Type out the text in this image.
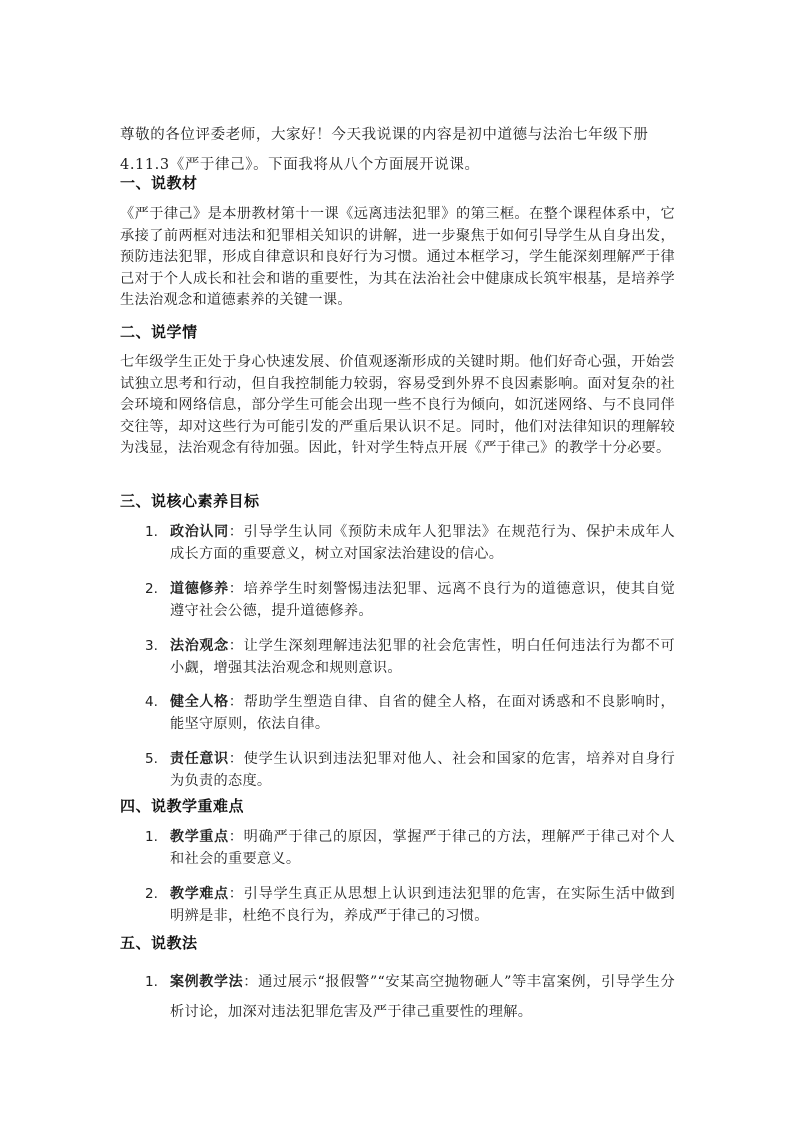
尊敬的各位评委老师，大家好！今天我说课的内容是初中道德与法治七年级下册
4.11.3《严于律己》。下面我将从八个方面展开说课。
一、说教材
《严于律己》是本册教材第十一课《远离违法犯罪》的第三框。在整个课程体系中，它承接了前两框对违法和犯罪相关知识的讲解，进一步聚焦于如何引导学生从自身出发，预防违法犯罪，形成自律意识和良好行为习惯。通过本框学习，学生能深刻理解严于律己对于个人成长和社会和谐的重要性，为其在法治社会中健康成长筑牢根基，是培养学生法治观念和道德素养的关键一课。
二、说学情
七年级学生正处于身心快速发展、价值观逐渐形成的关键时期。他们好奇心强，开始尝试独立思考和行动，但自我控制能力较弱，容易受到外界不良因素影响。面对复杂的社会环境和网络信息，部分学生可能会出现一些不良行为倾向，如沉迷网络、与不良同伴交往等，却对这些行为可能引发的严重后果认识不足。同时，他们对法律知识的理解较为浅显，法治观念有待加强。因此，针对学生特点开展《严于律己》的教学十分必要。
三、说核心素养目标
1. 政治认同：引导学生认同《预防未成年人犯罪法》在规范行为、保护未成年人成长方面的重要意义，树立对国家法治建设的信心。
2. 道德修养：培养学生时刻警惕违法犯罪、远离不良行为的道德意识，使其自觉遵守社会公德，提升道德修养。
3. 法治观念：让学生深刻理解违法犯罪的社会危害性，明白任何违法行为都不可小觑，增强其法治观念和规则意识。
4. 健全人格：帮助学生塑造自律、自省的健全人格，在面对诱惑和不良影响时，能坚守原则，依法自律。
5. 责任意识：使学生认识到违法犯罪对他人、社会和国家的危害，培养对自身行为负责的态度。
四、说教学重难点
1. 教学重点：明确严于律己的原因，掌握严于律己的方法，理解严于律己对个人和社会的重要意义。
2. 教学难点：引导学生真正从思想上认识到违法犯罪的危害，在实际生活中做到明辨是非，杜绝不良行为，养成严于律己的习惯。
五、说教法
1. 案例教学法：通过展示“报假警”“安某高空抛物砸人”等丰富案例，引导学生分析讨论，加深对违法犯罪危害及严于律己重要性的理解。
